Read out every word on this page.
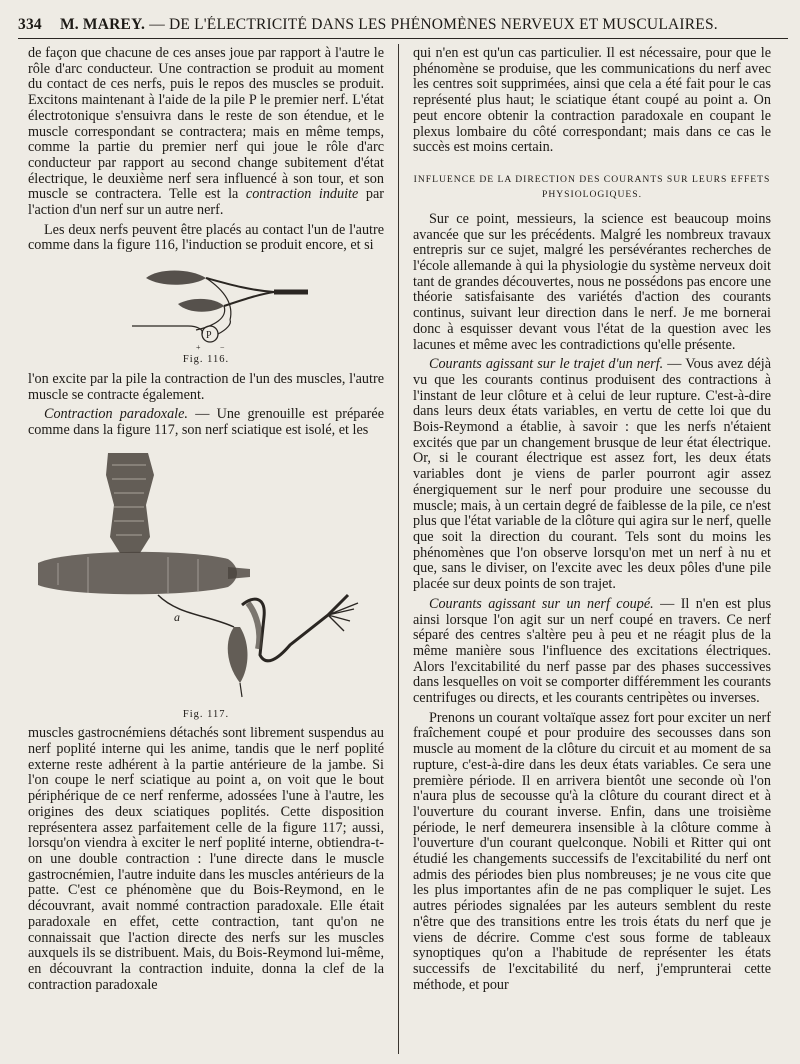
334 M. MAREY. — DE L'ÉLECTRICITÉ DANS LES PHÉNOMÈNES NERVEUX ET MUSCULAIRES.

de façon que chacune de ces anses joue par rapport à l'autre le rôle d'arc conducteur. Une contraction se produit au moment du contact de ces nerfs, puis le repos des muscles se produit. Excitons maintenant à l'aide de la pile P le premier nerf. L'état électrotonique s'ensuivra dans le reste de son étendue, et le muscle correspondant se contractera; mais en même temps, comme la partie du premier nerf qui joue le rôle d'arc conducteur par rapport au second change subitement d'état électrique, le deuxième nerf sera influencé à son tour, et son muscle se contractera. Telle est la contraction induite par l'action d'un nerf sur un autre nerf.

Les deux nerfs peuvent être placés au contact l'un de l'autre comme dans la figure 116, l'induction se produit encore, et si

P
+ −
Fig. 116.

l'on excite par la pile la contraction de l'un des muscles, l'autre muscle se contracte également.

Contraction paradoxale. — Une grenouille est préparée comme dans la figure 117, son nerf sciatique est isolé, et les

a
Fig. 117.

muscles gastrocnémiens détachés sont librement suspendus au nerf poplité interne qui les anime, tandis que le nerf poplité externe reste adhérent à la partie antérieure de la jambe. Si l'on coupe le nerf sciatique au point a, on voit que le bout périphérique de ce nerf renferme, adossées l'une à l'autre, les origines des deux sciatiques poplités. Cette disposition représentera assez parfaitement celle de la figure 117; aussi, lorsqu'on viendra à exciter le nerf poplité interne, obtiendra-t-on une double contraction : l'une directe dans le muscle gastrocnémien, l'autre induite dans les muscles antérieurs de la patte. C'est ce phénomène que du Bois-Reymond, en le découvrant, avait nommé contraction paradoxale. Elle était paradoxale en effet, cette contraction, tant qu'on ne connaissait que l'action directe des nerfs sur les muscles auxquels ils se distribuent. Mais, du Bois-Reymond lui-même, en découvrant la contraction induite, donna la clef de la contraction paradoxale

qui n'en est qu'un cas particulier. Il est nécessaire, pour que le phénomène se produise, que les communications du nerf avec les centres soit supprimées, ainsi que cela a été fait pour le cas représenté plus haut; le sciatique étant coupé au point a. On peut encore obtenir la contraction paradoxale en coupant le plexus lombaire du côté correspondant; mais dans ce cas le succès est moins certain.

INFLUENCE DE LA DIRECTION DES COURANTS SUR LEURS EFFETS PHYSIOLOGIQUES.

Sur ce point, messieurs, la science est beaucoup moins avancée que sur les précédents. Malgré les nombreux travaux entrepris sur ce sujet, malgré les persévérantes recherches de l'école allemande à qui la physiologie du système nerveux doit tant de grandes découvertes, nous ne possédons pas encore une théorie satisfaisante des variétés d'action des courants continus, suivant leur direction dans le nerf. Je me bornerai donc à esquisser devant vous l'état de la question avec les lacunes et même avec les contradictions qu'elle présente.

Courants agissant sur le trajet d'un nerf. — Vous avez déjà vu que les courants continus produisent des contractions à l'instant de leur clôture et à celui de leur rupture. C'est-à-dire dans leurs deux états variables, en vertu de cette loi que du Bois-Reymond a établie, à savoir : que les nerfs n'étaient excités que par un changement brusque de leur état électrique. Or, si le courant électrique est assez fort, les deux états variables dont je viens de parler pourront agir assez énergiquement sur le nerf pour produire une secousse du muscle; mais, à un certain degré de faiblesse de la pile, ce n'est plus que l'état variable de la clôture qui agira sur le nerf, quelle que soit la direction du courant. Tels sont du moins les phénomènes que l'on observe lorsqu'on met un nerf à nu et que, sans le diviser, on l'excite avec les deux pôles d'une pile placée sur deux points de son trajet.

Courants agissant sur un nerf coupé. — Il n'en est plus ainsi lorsque l'on agit sur un nerf coupé en travers. Ce nerf séparé des centres s'altère peu à peu et ne réagit plus de la même manière sous l'influence des excitations électriques. Alors l'excitabilité du nerf passe par des phases successives dans lesquelles on voit se comporter différemment les courants centrifuges ou directs, et les courants centripètes ou inverses.

Prenons un courant voltaïque assez fort pour exciter un nerf fraîchement coupé et pour produire des secousses dans son muscle au moment de la clôture du circuit et au moment de sa rupture, c'est-à-dire dans les deux états variables. Ce sera une première période. Il en arrivera bientôt une seconde où l'on n'aura plus de secousse qu'à la clôture du courant direct et à l'ouverture du courant inverse. Enfin, dans une troisième période, le nerf demeurera insensible à la clôture comme à l'ouverture d'un courant quelconque. Nobili et Ritter qui ont étudié les changements successifs de l'excitabilité du nerf ont admis des périodes bien plus nombreuses; je ne vous cite que les plus importantes afin de ne pas compliquer le sujet. Les autres périodes signalées par les auteurs semblent du reste n'être que des transitions entre les trois états du nerf que je viens de décrire. Comme c'est sous forme de tableaux synoptiques qu'on a l'habitude de représenter les états successifs de l'excitabilité du nerf, j'emprunterai cette méthode, et pour
